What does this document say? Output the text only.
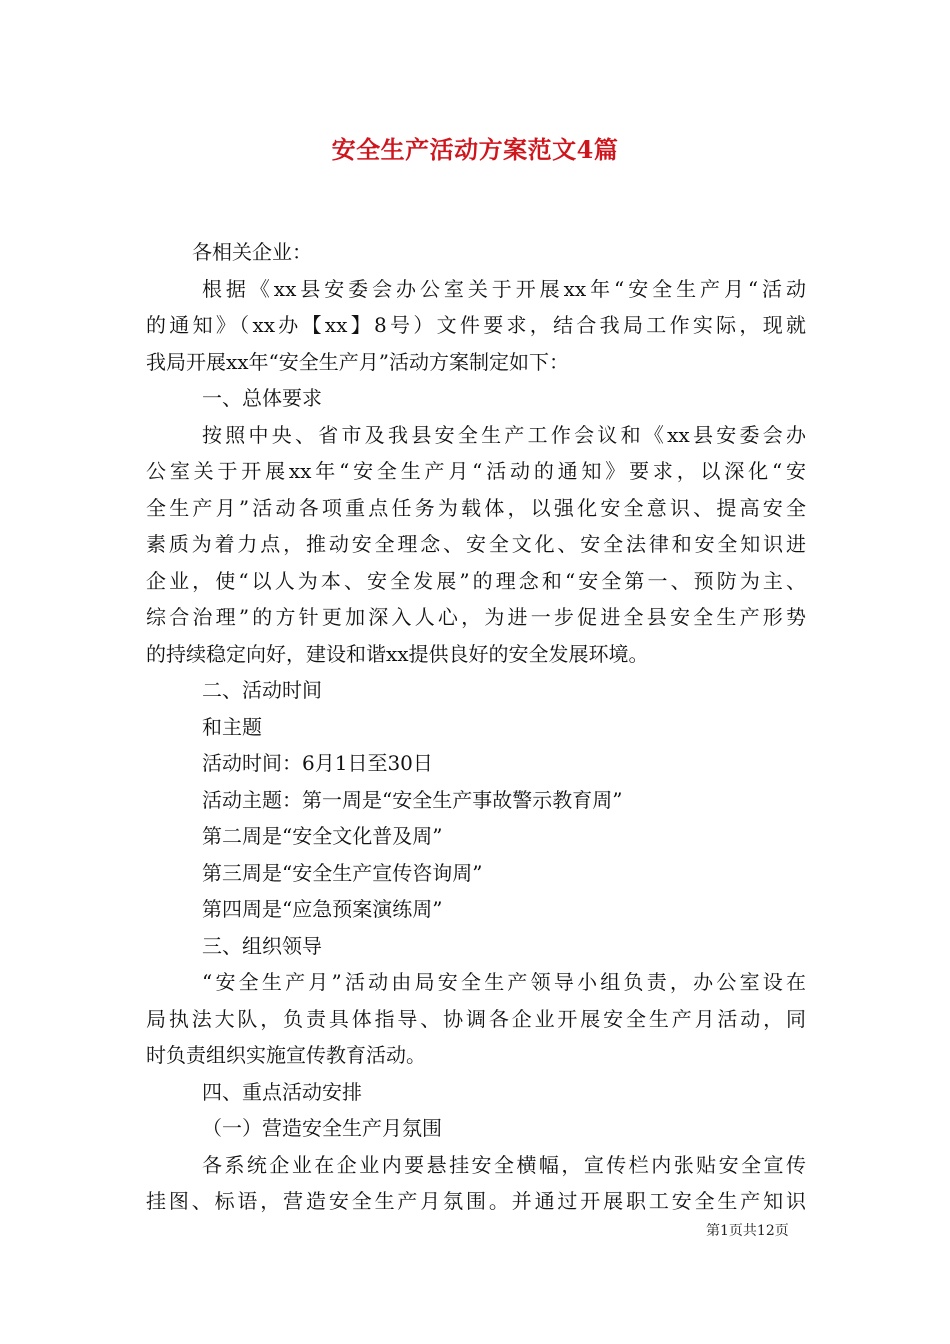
安全生产活动方案范文4篇
各相关企业：
根据《xx县安委会办公室关于开展xx年“安全生产月“活动
的通知》（xx办【xx】8号）文件要求，结合我局工作实际，现就
我局开展xx年“安全生产月”活动方案制定如下：
一、总体要求
按照中央、省市及我县安全生产工作会议和《xx县安委会办
公室关于开展xx年“安全生产月“活动的通知》要求，以深化“安
全生产月”活动各项重点任务为载体，以强化安全意识、提高安全
素质为着力点，推动安全理念、安全文化、安全法律和安全知识进
企业，使“以人为本、安全发展”的理念和“安全第一、预防为主、
综合治理”的方针更加深入人心，为进一步促进全县安全生产形势
的持续稳定向好，建设和谐xx提供良好的安全发展环境。
二、活动时间
和主题
活动时间：6月1日至30日
活动主题：第一周是“安全生产事故警示教育周”
第二周是“安全文化普及周”
第三周是“安全生产宣传咨询周”
第四周是“应急预案演练周”
三、组织领导
“安全生产月”活动由局安全生产领导小组负责，办公室设在
局执法大队，负责具体指导、协调各企业开展安全生产月活动，同
时负责组织实施宣传教育活动。
四、重点活动安排
（一）营造安全生产月氛围
各系统企业在企业内要悬挂安全横幅，宣传栏内张贴安全宣传
挂图、标语，营造安全生产月氛围。并通过开展职工安全生产知识
第1页共12页
